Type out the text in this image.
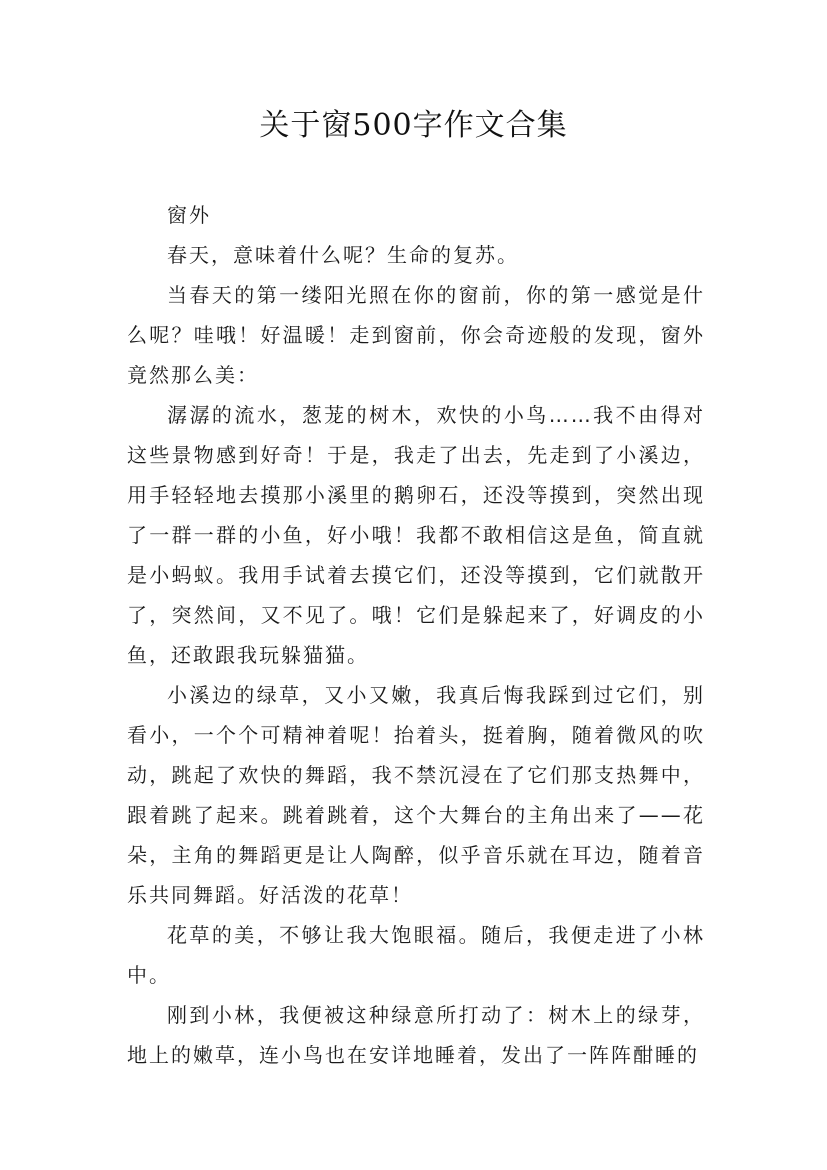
关于窗500字作文合集

窗外

春天，意味着什么呢？生命的复苏。

当春天的第一缕阳光照在你的窗前，你的第一感觉是什么呢？哇哦！好温暖！走到窗前，你会奇迹般的发现，窗外竟然那么美：

潺潺的流水，葱茏的树木，欢快的小鸟……我不由得对这些景物感到好奇！于是，我走了出去，先走到了小溪边，用手轻轻地去摸那小溪里的鹅卵石，还没等摸到，突然出现了一群一群的小鱼，好小哦！我都不敢相信这是鱼，简直就是小蚂蚁。我用手试着去摸它们，还没等摸到，它们就散开了，突然间，又不见了。哦！它们是躲起来了，好调皮的小鱼，还敢跟我玩躲猫猫。

小溪边的绿草，又小又嫩，我真后悔我踩到过它们，别看小，一个个可精神着呢！抬着头，挺着胸，随着微风的吹动，跳起了欢快的舞蹈，我不禁沉浸在了它们那支热舞中，跟着跳了起来。跳着跳着，这个大舞台的主角出来了——花朵，主角的舞蹈更是让人陶醉，似乎音乐就在耳边，随着音乐共同舞蹈。好活泼的花草！

花草的美，不够让我大饱眼福。随后，我便走进了小林中。

刚到小林，我便被这种绿意所打动了：树木上的绿芽，地上的嫩草，连小鸟也在安详地睡着，发出了一阵阵酣睡的
